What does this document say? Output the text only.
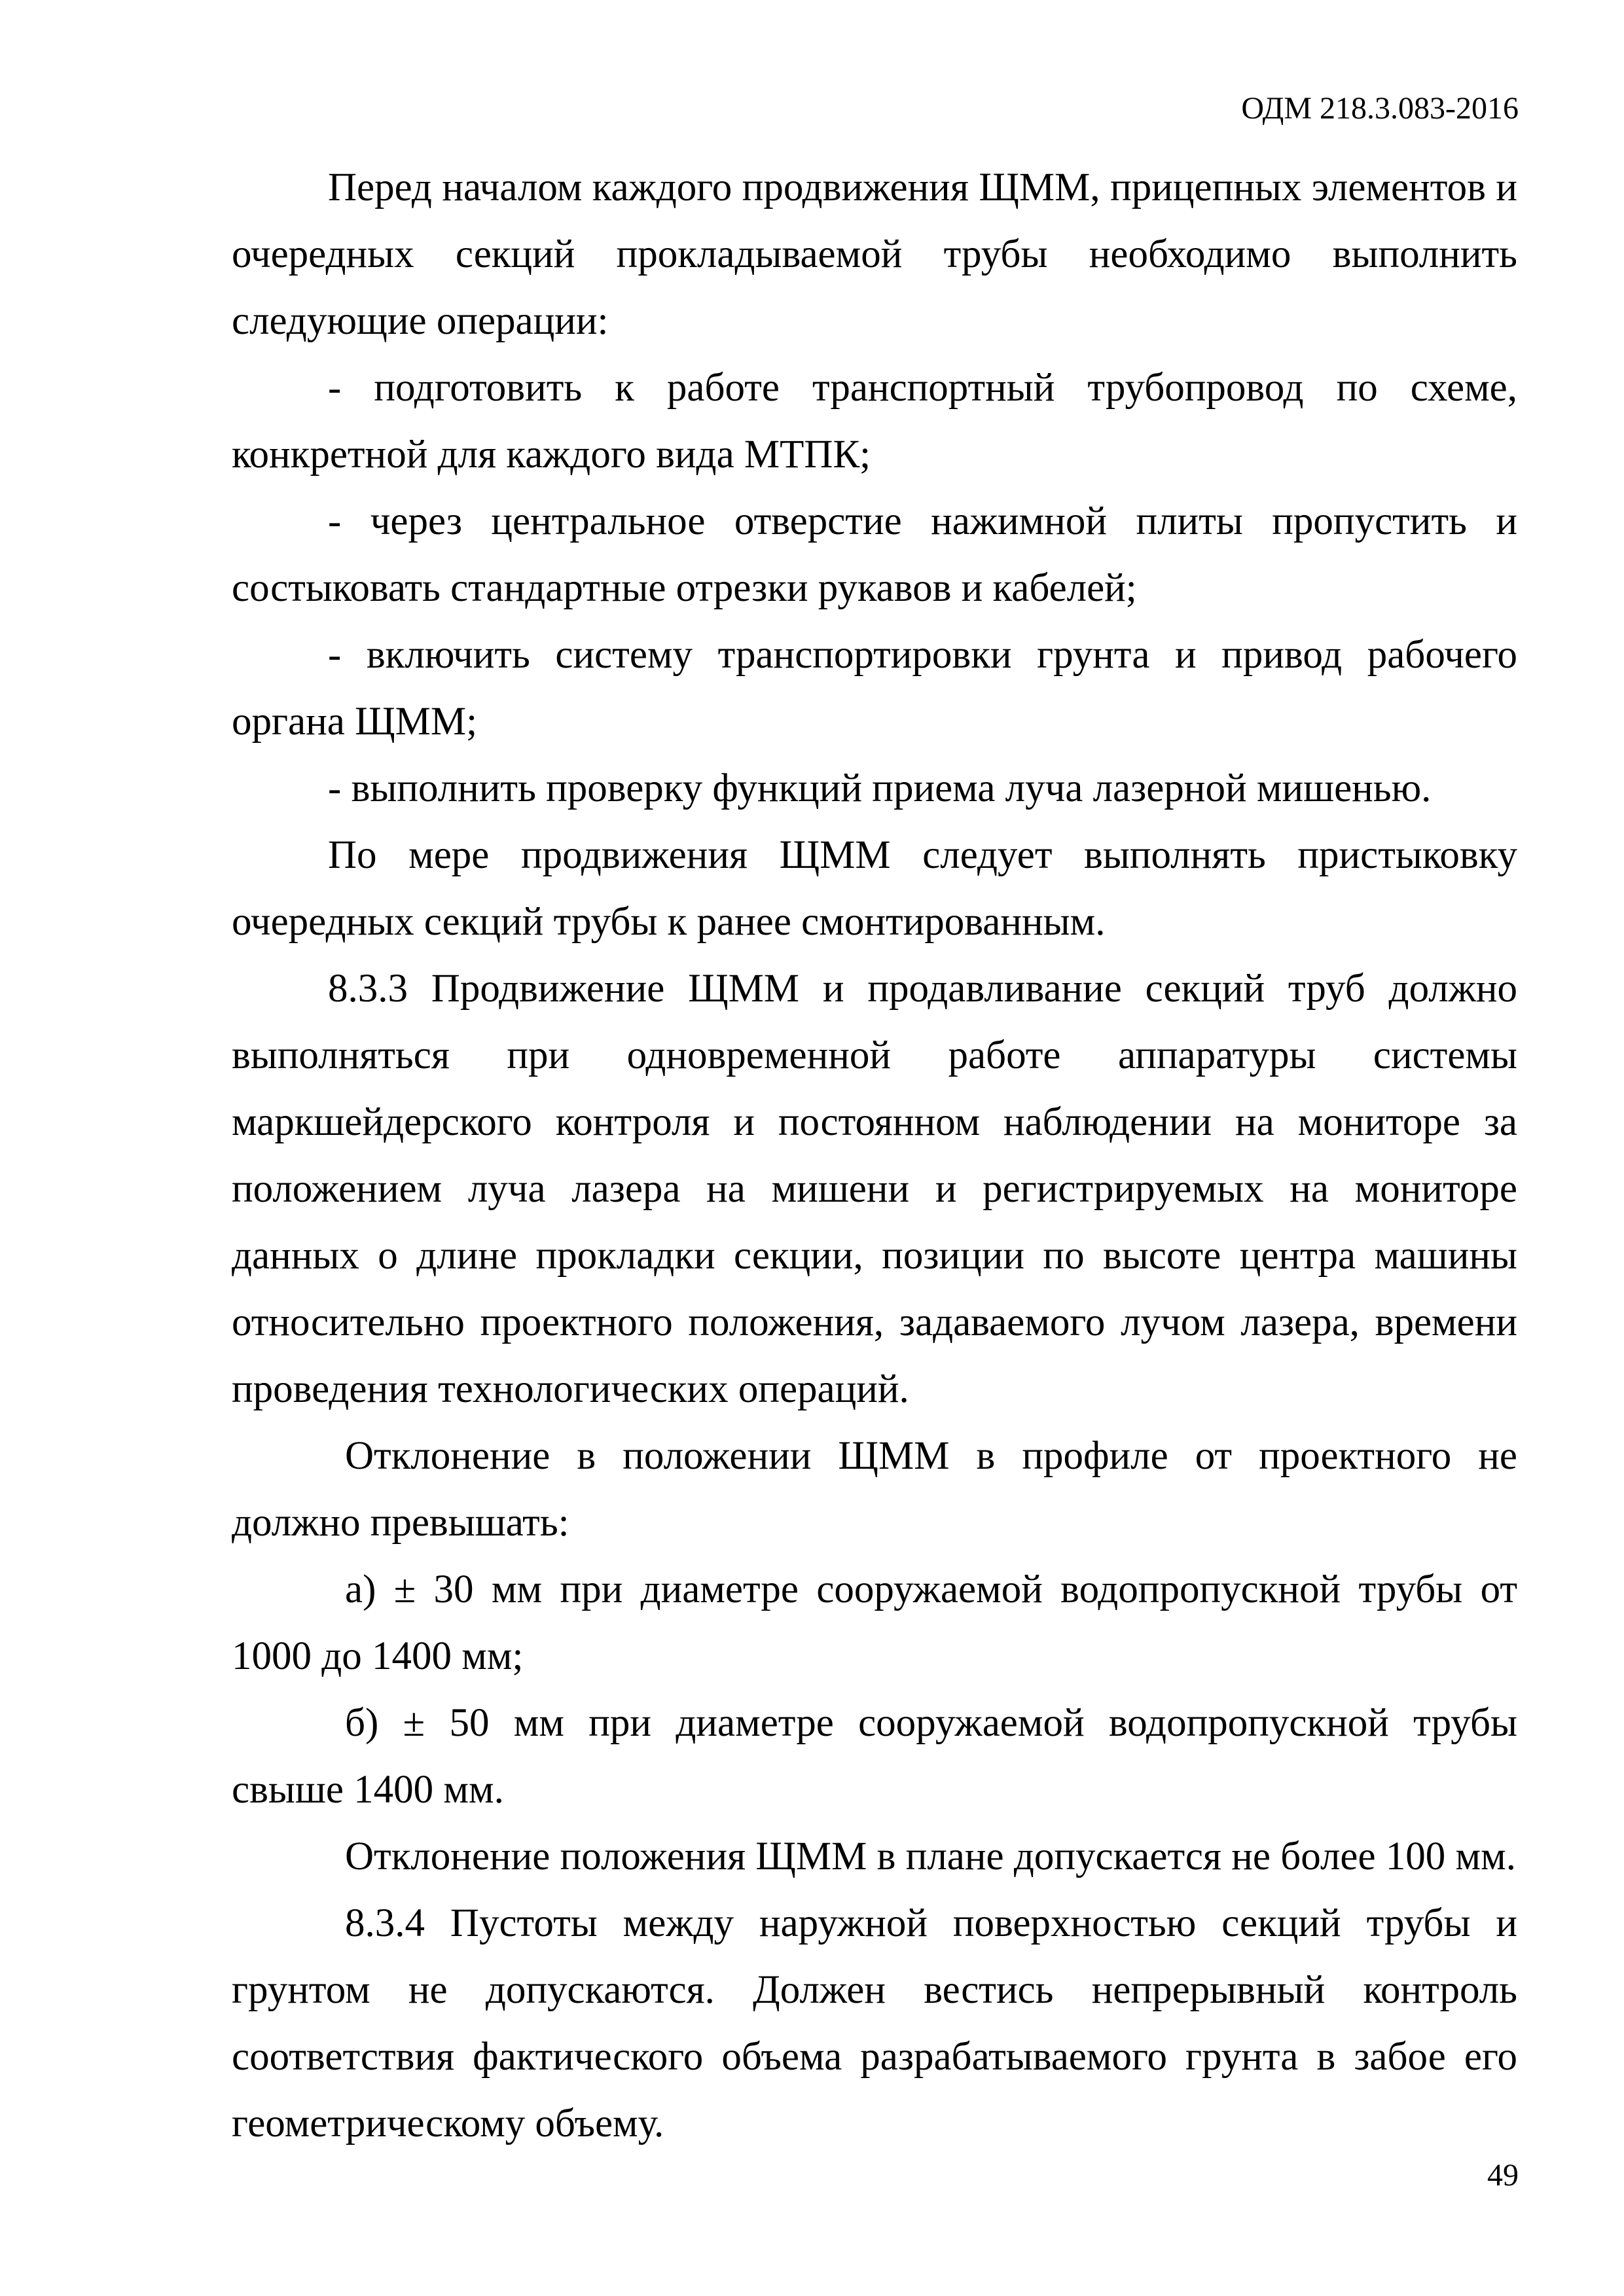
ОДМ 218.3.083-2016

Перед началом каждого продвижения ЩММ, прицепных элементов и очередных секций прокладываемой трубы необходимо выполнить следующие операции:

- подготовить к работе транспортный трубопровод по схеме, конкретной для каждого вида МТПК;

- через центральное отверстие нажимной плиты пропустить и состыковать стандартные отрезки рукавов и кабелей;

- включить систему транспортировки грунта и привод рабочего органа ЩММ;

- выполнить проверку функций приема луча лазерной мишенью.

По мере продвижения ЩММ следует выполнять пристыковку очередных секций трубы к ранее смонтированным.

8.3.3 Продвижение ЩММ и продавливание секций труб должно выполняться при одновременной работе аппаратуры системы маркшейдерского контроля и постоянном наблюдении на мониторе за положением луча лазера на мишени и регистрируемых на мониторе данных о длине прокладки секции, позиции по высоте центра машины относительно проектного положения, задаваемого лучом лазера, времени проведения технологических операций.

Отклонение в положении ЩММ в профиле от проектного не должно превышать:

а) ± 30 мм при диаметре сооружаемой водопропускной трубы от 1000 до 1400 мм;

б) ± 50 мм при диаметре сооружаемой водопропускной трубы свыше 1400 мм.

Отклонение положения ЩММ в плане допускается не более 100 мм.

8.3.4 Пустоты между наружной поверхностью секций трубы и грунтом не допускаются. Должен вестись непрерывный контроль соответствия фактического объема разрабатываемого грунта в забое его геометрическому объему.

49
